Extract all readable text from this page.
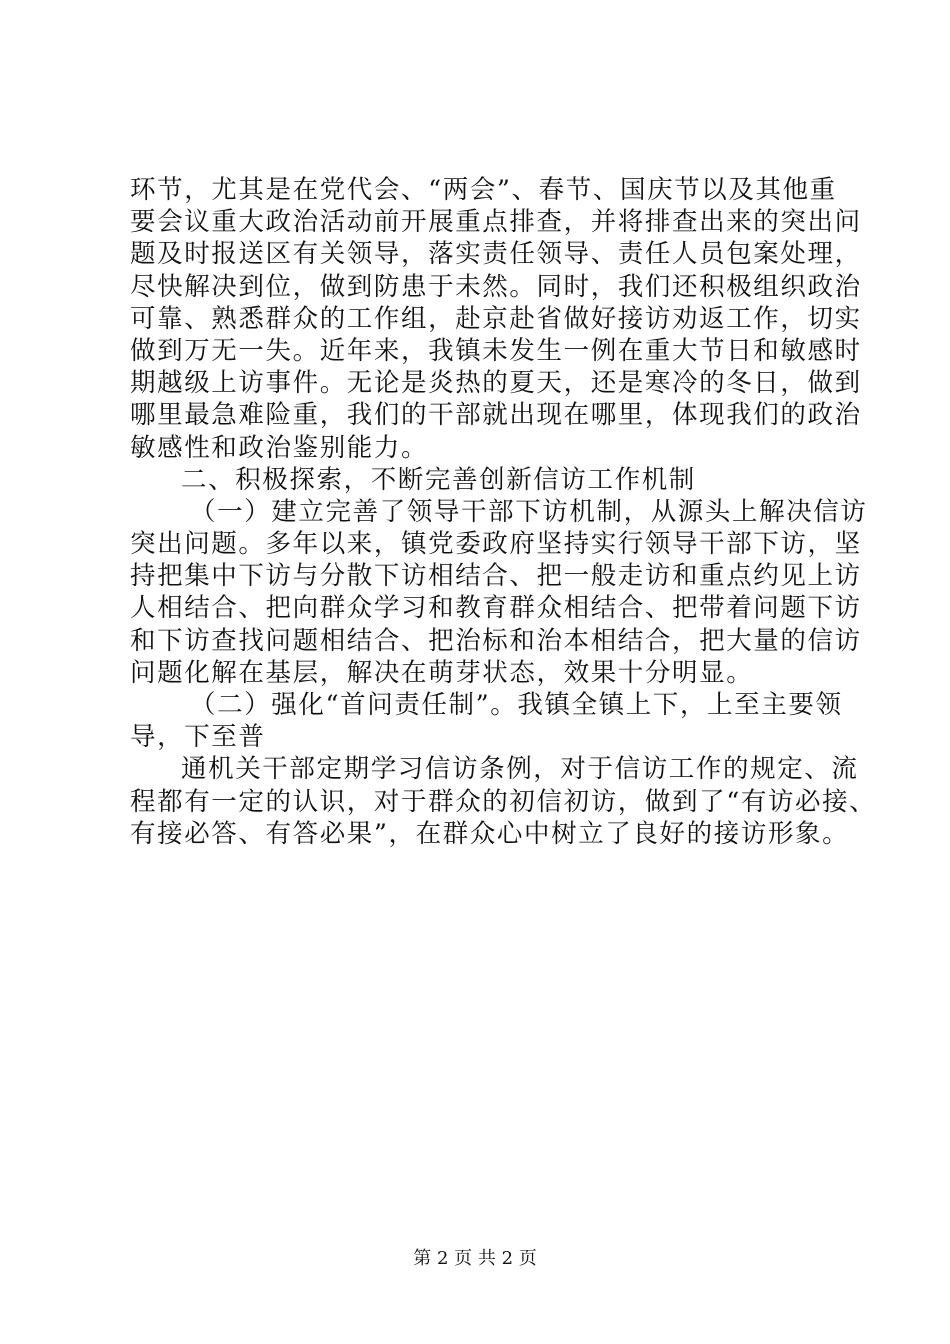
环节，尤其是在党代会、“两会”、春节、国庆节以及其他重
要会议重大政治活动前开展重点排查，并将排查出来的突出问
题及时报送区有关领导，落实责任领导、责任人员包案处理，
尽快解决到位，做到防患于未然。同时，我们还积极组织政治
可靠、熟悉群众的工作组，赴京赴省做好接访劝返工作，切实
做到万无一失。近年来，我镇未发生一例在重大节日和敏感时
期越级上访事件。无论是炎热的夏天，还是寒冷的冬日，做到
哪里最急难险重，我们的干部就出现在哪里，体现我们的政治
敏感性和政治鉴别能力。
二、积极探索，不断完善创新信访工作机制
（一）建立完善了领导干部下访机制，从源头上解决信访
突出问题。多年以来，镇党委政府坚持实行领导干部下访，坚
持把集中下访与分散下访相结合、把一般走访和重点约见上访
人相结合、把向群众学习和教育群众相结合、把带着问题下访
和下访查找问题相结合、把治标和治本相结合，把大量的信访
问题化解在基层，解决在萌芽状态，效果十分明显。
（二）强化“首问责任制”。我镇全镇上下，上至主要领
导，下至普
通机关干部定期学习信访条例，对于信访工作的规定、流
程都有一定的认识，对于群众的初信初访，做到了“有访必接、
有接必答、有答必果”，在群众心中树立了良好的接访形象。
第 2 页 共 2 页
